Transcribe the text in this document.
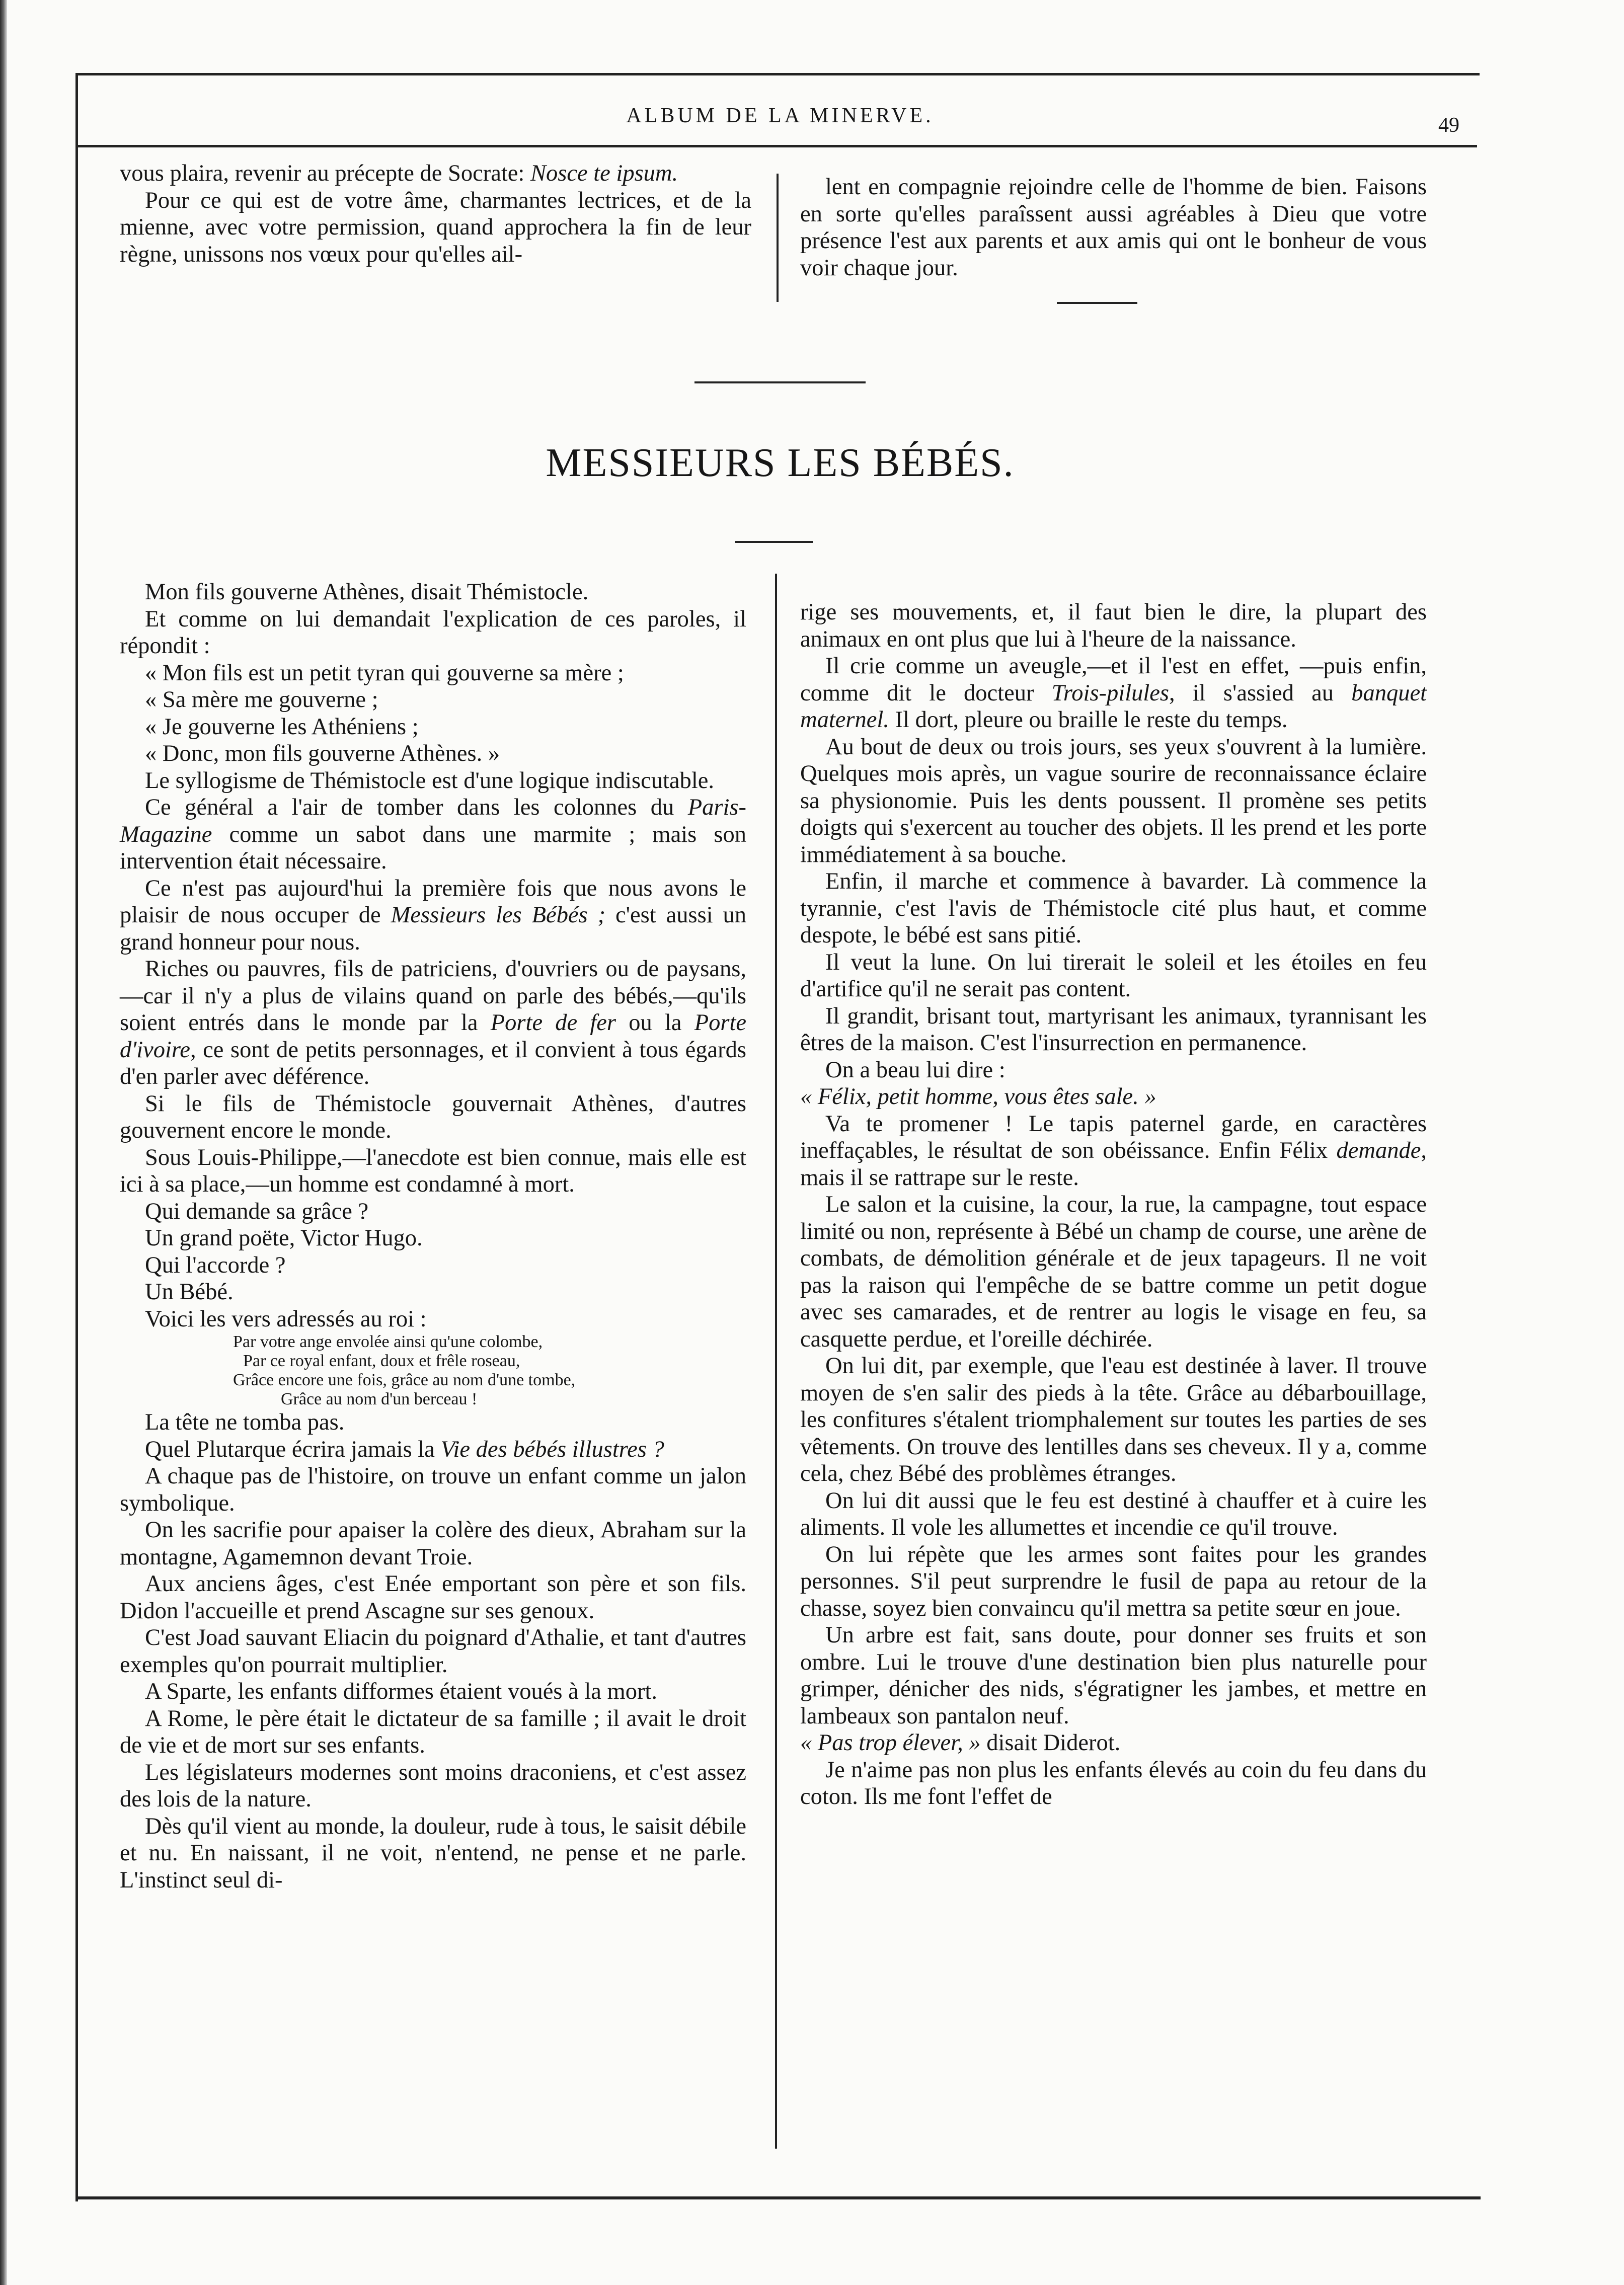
ALBUM DE LA MINERVE.	49

vous plaira, revenir au précepte de Socrate: Nosce te ipsum.

Pour ce qui est de votre âme, charmantes lectrices, et de la mienne, avec votre permission, quand approchera la fin de leur règne, unissons nos vœux pour qu'elles ail-

lent en compagnie rejoindre celle de l'homme de bien. Faisons en sorte qu'elles paraîssent aussi agréables à Dieu que votre présence l'est aux parents et aux amis qui ont le bonheur de vous voir chaque jour.

MESSIEURS LES BÉBÉS.

Mon fils gouverne Athènes, disait Thémistocle.

Et comme on lui demandait l'explication de ces paroles, il répondit :

« Mon fils est un petit tyran qui gouverne sa mère ;

« Sa mère me gouverne ;

« Je gouverne les Athéniens ;

« Donc, mon fils gouverne Athènes. »

Le syllogisme de Thémistocle est d'une logique indiscutable.

Ce général a l'air de tomber dans les colonnes du Paris-Magazine comme un sabot dans une marmite ; mais son intervention était nécessaire.

Ce n'est pas aujourd'hui la première fois que nous avons le plaisir de nous occuper de Messieurs les Bébés ; c'est aussi un grand honneur pour nous.

Riches ou pauvres, fils de patriciens, d'ouvriers ou de paysans,—car il n'y a plus de vilains quand on parle des bébés,—qu'ils soient entrés dans le monde par la Porte de fer ou la Porte d'ivoire, ce sont de petits personnages, et il convient à tous égards d'en parler avec déférence.

Si le fils de Thémistocle gouvernait Athènes, d'autres gouvernent encore le monde.

Sous Louis-Philippe,—l'anecdote est bien connue, mais elle est ici à sa place,—un homme est condamné à mort.

Qui demande sa grâce ?

Un grand poëte, Victor Hugo.

Qui l'accorde ?

Un Bébé.

Voici les vers adressés au roi :

Par votre ange envolée ainsi qu'une colombe,

Par ce royal enfant, doux et frêle roseau,

Grâce encore une fois, grâce au nom d'une tombe,

Grâce au nom d'un berceau !

La tête ne tomba pas.

Quel Plutarque écrira jamais la Vie des bébés illustres ?

A chaque pas de l'histoire, on trouve un enfant comme un jalon symbolique.

On les sacrifie pour apaiser la colère des dieux, Abraham sur la montagne, Agamemnon devant Troie.

Aux anciens âges, c'est Enée emportant son père et son fils. Didon l'accueille et prend Ascagne sur ses genoux.

C'est Joad sauvant Eliacin du poignard d'Athalie, et tant d'autres exemples qu'on pourrait multiplier.

A Sparte, les enfants difformes étaient voués à la mort.

A Rome, le père était le dictateur de sa famille ; il avait le droit de vie et de mort sur ses enfants.

Les législateurs modernes sont moins draconiens, et c'est assez des lois de la nature.

Dès qu'il vient au monde, la douleur, rude à tous, le saisit débile et nu. En naissant, il ne voit, n'entend, ne pense et ne parle. L'instinct seul di-

rige ses mouvements, et, il faut bien le dire, la plupart des animaux en ont plus que lui à l'heure de la naissance.

Il crie comme un aveugle,—et il l'est en effet, —puis enfin, comme dit le docteur Trois-pilules, il s'assied au banquet maternel. Il dort, pleure ou braille le reste du temps.

Au bout de deux ou trois jours, ses yeux s'ouvrent à la lumière. Quelques mois après, un vague sourire de reconnaissance éclaire sa physionomie. Puis les dents poussent. Il promène ses petits doigts qui s'exercent au toucher des objets. Il les prend et les porte immédiatement à sa bouche.

Enfin, il marche et commence à bavarder. Là commence la tyrannie, c'est l'avis de Thémistocle cité plus haut, et comme despote, le bébé est sans pitié.

Il veut la lune. On lui tirerait le soleil et les étoiles en feu d'artifice qu'il ne serait pas content.

Il grandit, brisant tout, martyrisant les animaux, tyrannisant les êtres de la maison. C'est l'insurrection en permanence.

On a beau lui dire :

« Félix, petit homme, vous êtes sale. »

Va te promener ! Le tapis paternel garde, en caractères ineffaçables, le résultat de son obéissance. Enfin Félix demande, mais il se rattrape sur le reste.

Le salon et la cuisine, la cour, la rue, la campagne, tout espace limité ou non, représente à Bébé un champ de course, une arène de combats, de démolition générale et de jeux tapageurs. Il ne voit pas la raison qui l'empêche de se battre comme un petit dogue avec ses camarades, et de rentrer au logis le visage en feu, sa casquette perdue, et l'oreille déchirée.

On lui dit, par exemple, que l'eau est destinée à laver. Il trouve moyen de s'en salir des pieds à la tête. Grâce au débarbouillage, les confitures s'étalent triomphalement sur toutes les parties de ses vêtements. On trouve des lentilles dans ses cheveux. Il y a, comme cela, chez Bébé des problèmes étranges.

On lui dit aussi que le feu est destiné à chauffer et à cuire les aliments. Il vole les allumettes et incendie ce qu'il trouve.

On lui répète que les armes sont faites pour les grandes personnes. S'il peut surprendre le fusil de papa au retour de la chasse, soyez bien convaincu qu'il mettra sa petite sœur en joue.

Un arbre est fait, sans doute, pour donner ses fruits et son ombre. Lui le trouve d'une destination bien plus naturelle pour grimper, dénicher des nids, s'égratigner les jambes, et mettre en lambeaux son pantalon neuf.

« Pas trop élever, » disait Diderot.

Je n'aime pas non plus les enfants élevés au coin du feu dans du coton. Ils me font l'effet de
